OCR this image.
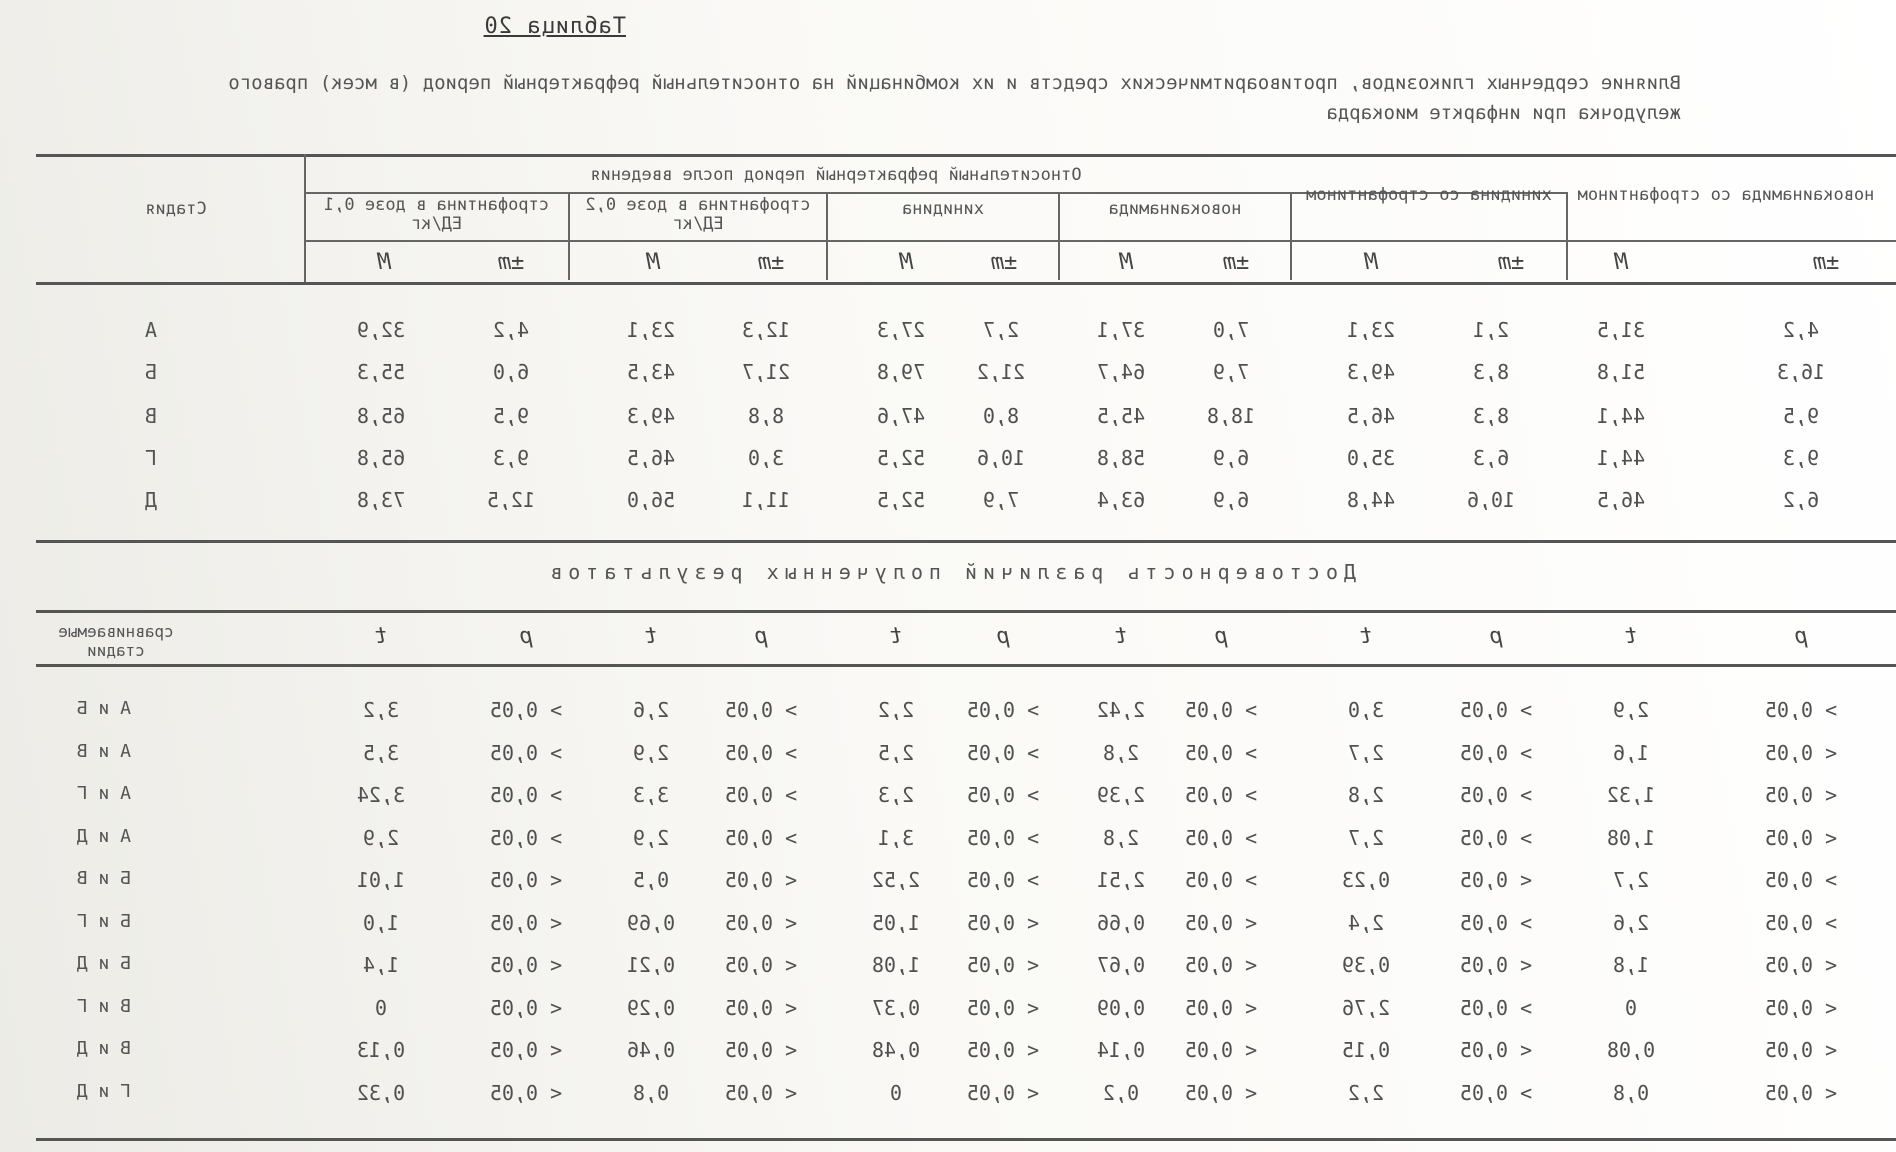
Таблица 20
Влияние сердечных гликозидов, противоаритмических средств и их комбинаций на относительный рефрактерный период (в мсек) правого желудочка при инфаркте миокарда
Стадия
Относительный рефрактерный период после введения
строфантина в дозе 0,1 ЕД/кг
строфантина в дозе 0,2 ЕД/кг
хинидина	новокаинамида
хинидина со строфантином	новокаинамида со строфантином
M	±m	M	±m	M	±m	M	±m	M	±m	M	±m
А	32,9	4,2	23,1	12,3	27,3	2,7	37,1	7,0	23,1	2,1	31,5	4,2
Б	55,3	6,0	43,5	21,7	79,8	21,2	64,7	7,9	49,3	8,3	51,8	16,3
В	65,8	9,5	49,3	8,8	47,6	8,0	45,5	18,8	46,5	8,3	44,1	9,5
Г	65,8	9,3	46,5	3,0	52,5	10,6	58,8	6,9	35,0	6,3	44,1	9,3
Д	73,8	12,5	56,0	11,1	52,5	7,9	63,4	6,9	44,8	10,6	46,5	6,2
Достоверность различий полученных результатов
сравниваемые стадии
t	p	t	p	t	p	t	p	t	p	t	p
А и Б	3,2	> 0,05	2,6	> 0,05	2,2	> 0,05	2,42	> 0,05	3,0	> 0,05	2,9	> 0,05
А и В	3,5	> 0,05	2,9	> 0,05	2,5	> 0,05	2,8	> 0,05	2,7	> 0,05	1,6	< 0,05
А и Г	3,24	> 0,05	3,3	> 0,05	2,3	> 0,05	2,39	> 0,05	2,8	> 0,05	1,32	< 0,05
А и Д	2,9	> 0,05	2,9	> 0,05	3,1	> 0,05	2,8	> 0,05	2,7	> 0,05	1,08	< 0,05
Б и В	1,01	< 0,05	0,5	< 0,05	2,52	> 0,05	2,51	> 0,05	0,23	< 0,05	2,7	> 0,05
Б и Г	1,0	< 0,05	0,69	< 0,05	1,05	< 0,05	0,66	< 0,05	2,4	> 0,05	2,6	> 0,05
Б и Д	1,4	< 0,05	0,21	< 0,05	1,08	< 0,05	0,67	< 0,05	0,39	< 0,05	1,8	< 0,05
В и Г	0	< 0,05	0,29	< 0,05	0,37	< 0,05	0,09	< 0,05	2,76	> 0,05	0	< 0,05
В и Д	0,13	< 0,05	0,46	< 0,05	0,48	< 0,05	0,14	< 0,05	0,15	< 0,05	0,08	< 0,05
Г и Д	0,32	< 0,05	0,8	< 0,05	0	< 0,05	0,2	< 0,05	2,2	> 0,05	0,8	< 0,05
